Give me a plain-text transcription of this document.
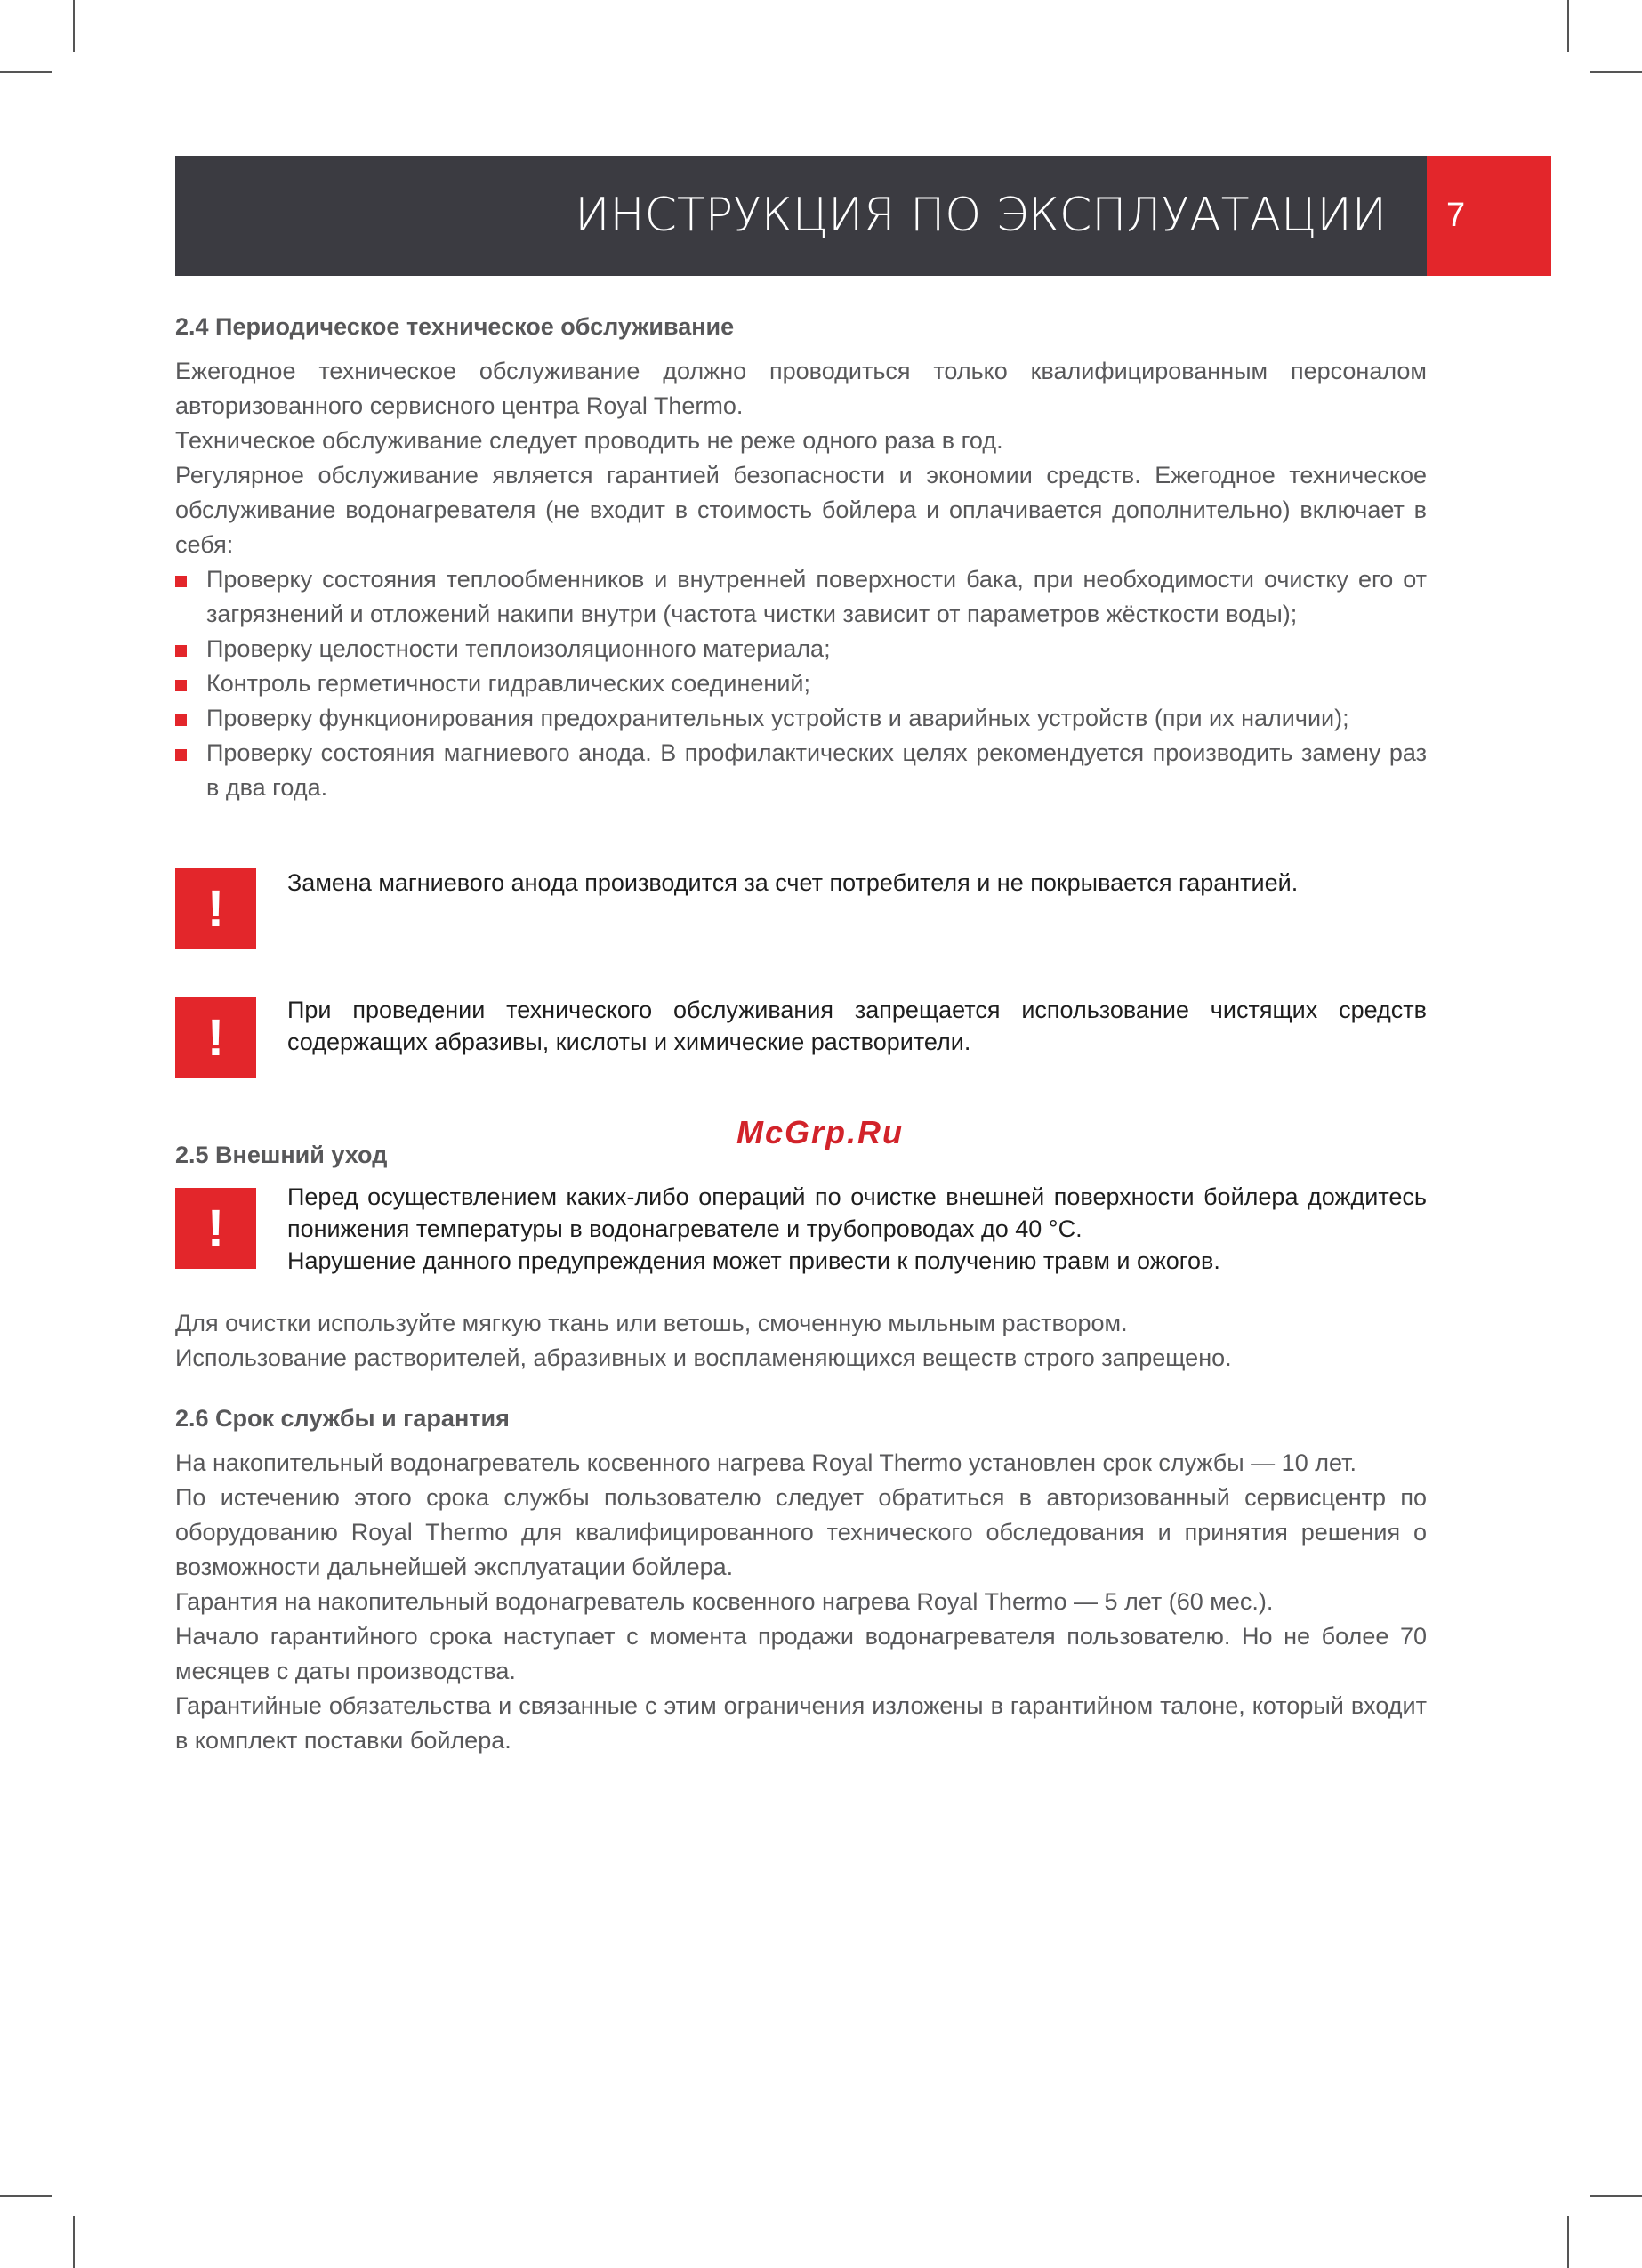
ИНСТРУКЦИЯ ПО ЭКСПЛУАТАЦИИ 7
2.4 Периодическое техническое обслуживание

Ежегодное техническое обслуживание должно проводиться только квалифицированным персоналом авторизованного сервисного центра Royal Thermo.

Техническое обслуживание следует проводить не реже одного раза в год.

Регулярное обслуживание является гарантией безопасности и экономии средств. Ежегодное техническое обслуживание водонагревателя (не входит в стоимость бойлера и оплачивается дополнительно) включает в себя:

Проверку состояния теплообменников и внутренней поверхности бака, при необходимости очистку его от загрязнений и отложений накипи внутри (частота чистки зависит от параметров жёсткости воды);
Проверку целостности теплоизоляционного материала;
Контроль герметичности гидравлических соединений;
Проверку функционирования предохранительных устройств и аварийных устройств (при их наличии);
Проверку состояния магниевого анода. В профилактических целях рекомендуется производить замену раз в два года.
!	Замена магниевого анода производится за счет потребителя и не покрывается гарантией.

!	При проведении технического обслуживания запрещается использование чистящих средств содержащих абразивы, кислоты и химические растворители.

McGrp.Ru
2.5 Внешний уход
!
Перед осуществлением каких-либо операций по очистке внешней поверхности бойлера дождитесь понижения температуры в водонагревателе и трубопроводах до 40 °С.
Нарушение данного предупреждения может привести к получению травм и ожогов.

Для очистки используйте мягкую ткань или ветошь, смоченную мыльным раствором.

Использование растворителей, абразивных и воспламеняющихся веществ строго запрещено.

2.6 Срок службы и гарантия

На накопительный водонагреватель косвенного нагрева Royal Thermo установлен срок службы — 10 лет.

По истечению этого срока службы пользователю следует обратиться в авторизованный сервисцентр по оборудованию Royal Thermo для квалифицированного технического обследования и принятия решения о возможности дальнейшей эксплуатации бойлера.

Гарантия на накопительный водонагреватель косвенного нагрева Royal Thermo — 5 лет (60 мес.).

Начало гарантийного срока наступает с момента продажи водонагревателя пользователю. Но не более 70 месяцев с даты производства.

Гарантийные обязательства и связанные с этим ограничения изложены в гарантийном талоне, который входит в комплект поставки бойлера.
